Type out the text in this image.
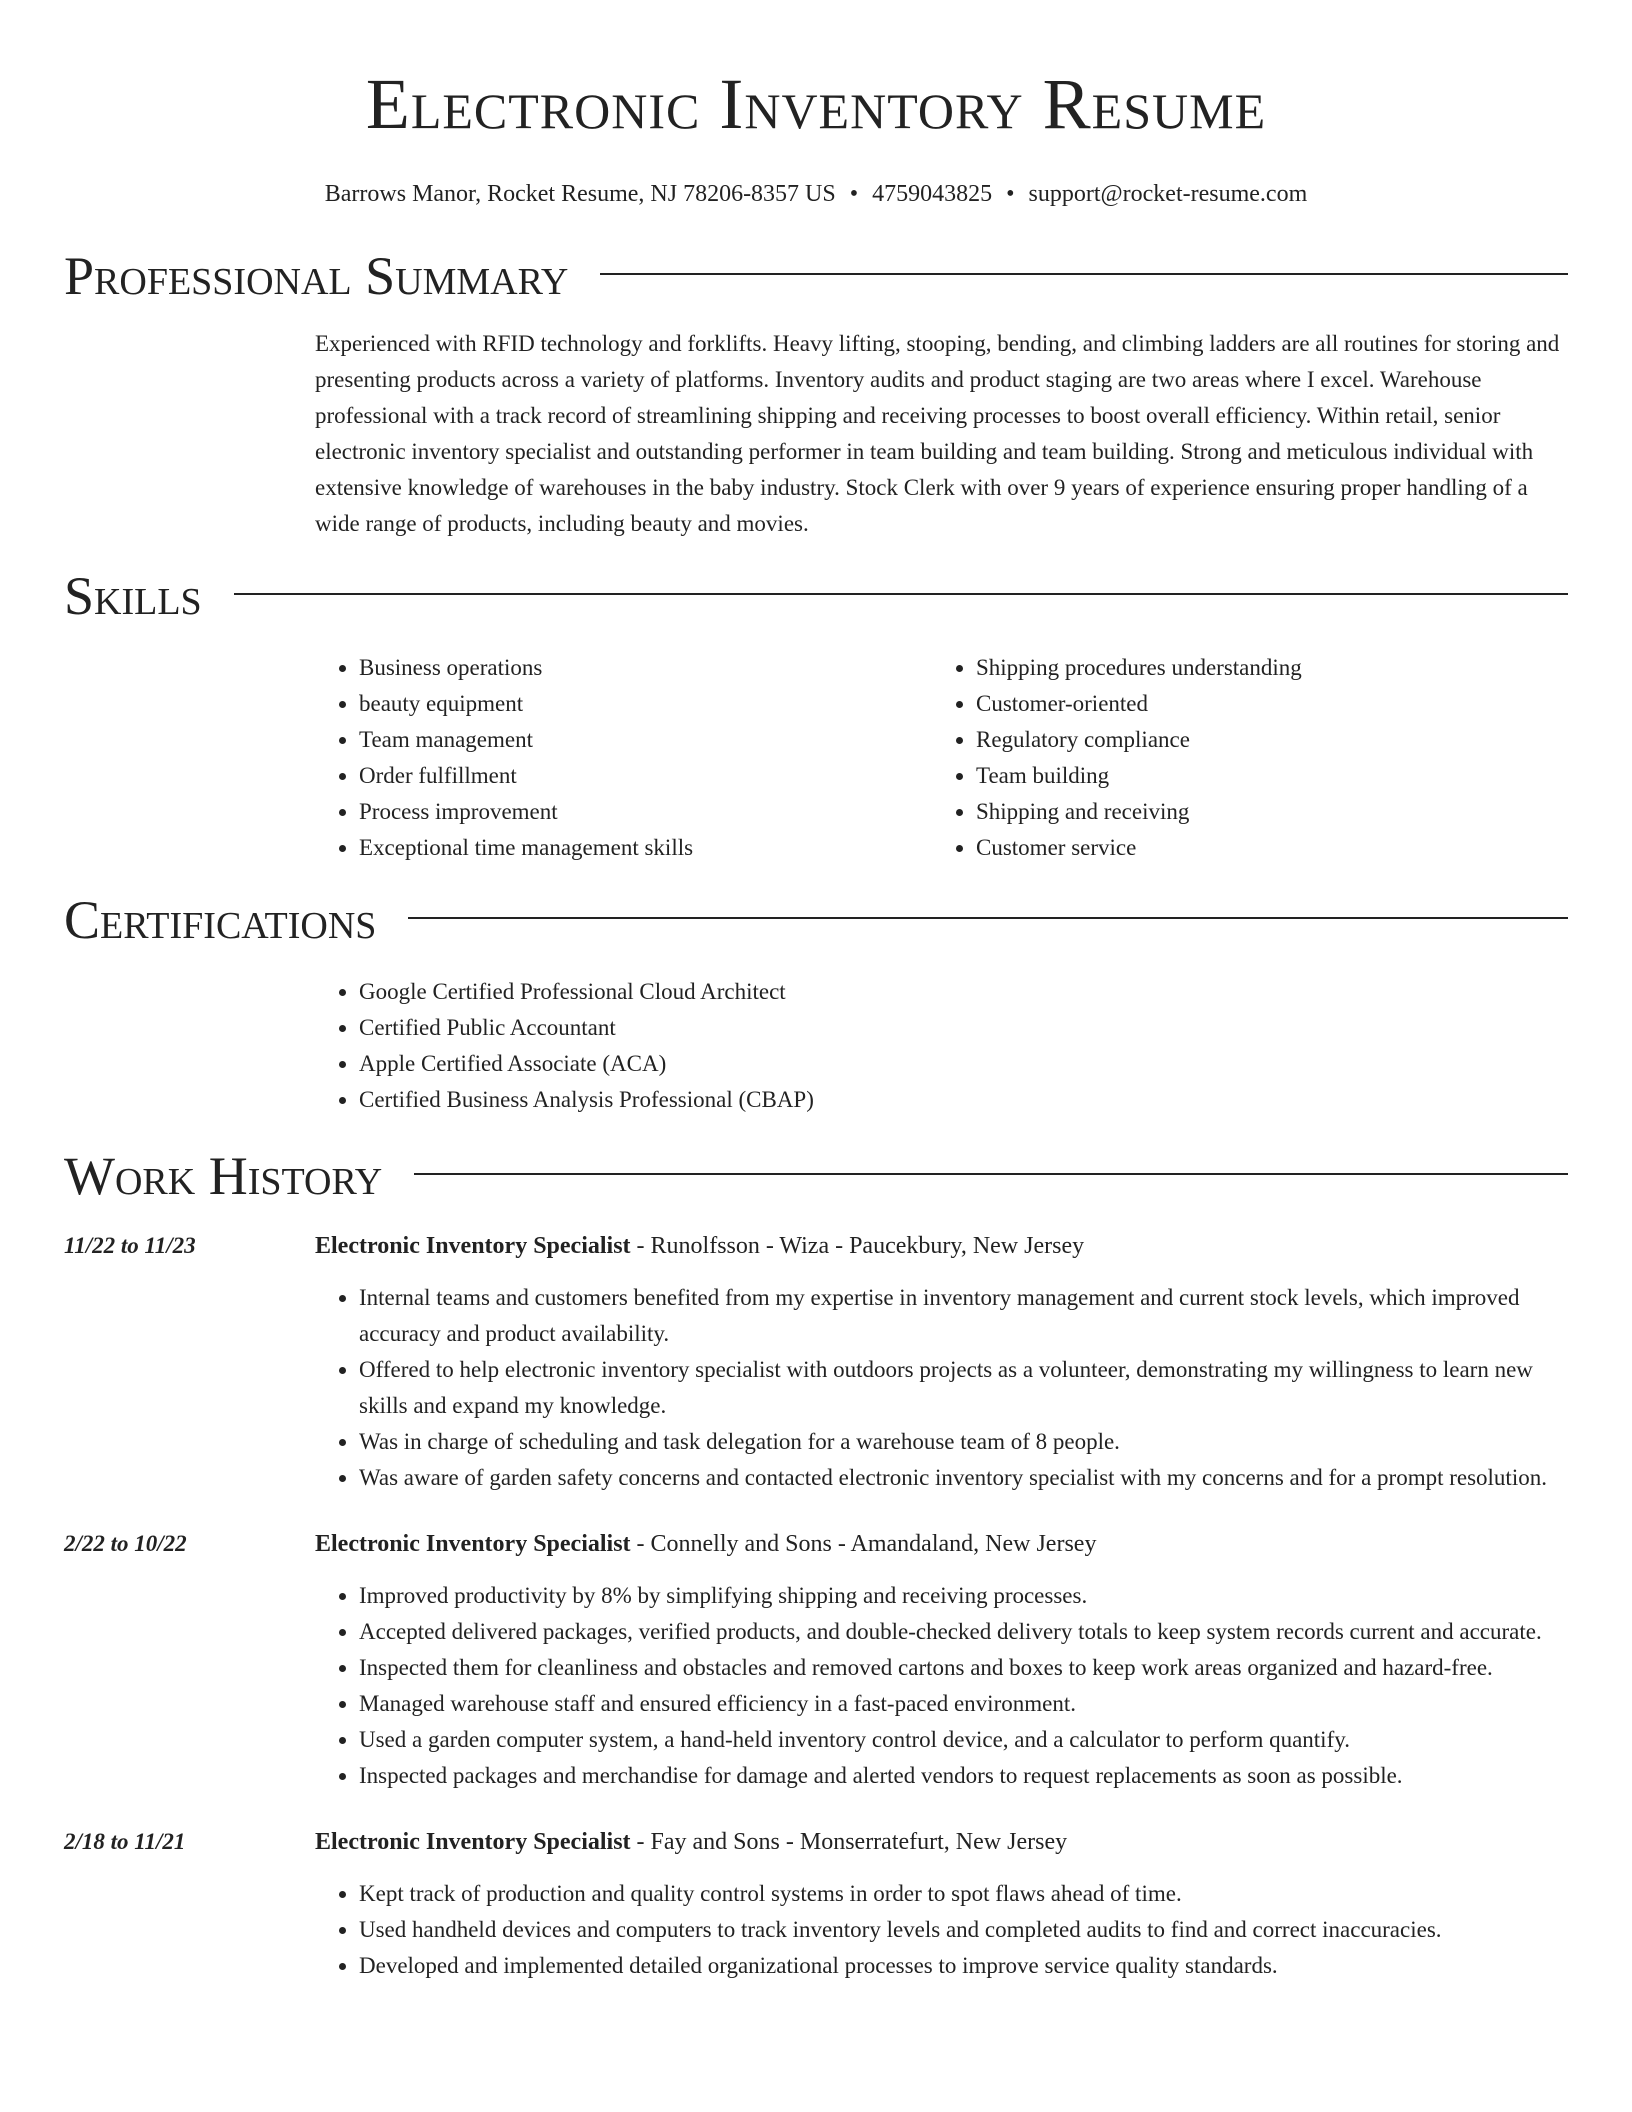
Electronic Inventory Resume
Barrows Manor, Rocket Resume, NJ 78206-8357 US • 4759043825 • support@rocket-resume.com
Professional Summary

Experienced with RFID technology and forklifts. Heavy lifting, stooping, bending, and climbing ladders are all routines for storing and presenting products across a variety of platforms. Inventory audits and product staging are two areas where I excel. Warehouse professional with a track record of streamlining shipping and receiving processes to boost overall efficiency. Within retail, senior electronic inventory specialist and outstanding performer in team building and team building. Strong and meticulous individual with extensive knowledge of warehouses in the baby industry. Stock Clerk with over 9 years of experience ensuring proper handling of a wide range of products, including beauty and movies.

Skills
• Business operations
• beauty equipment
• Team management
• Order fulfillment
• Process improvement
• Exceptional time management skills
• Shipping procedures understanding
• Customer-oriented
• Regulatory compliance
• Team building
• Shipping and receiving
• Customer service
Certifications
• Google Certified Professional Cloud Architect
• Certified Public Accountant
• Apple Certified Associate (ACA)
• Certified Business Analysis Professional (CBAP)
Work History
11/22 to 11/23	Electronic Inventory Specialist - Runolfsson - Wiza - Paucekbury, New Jersey
• Internal teams and customers benefited from my expertise in inventory management and current stock levels, which improved accuracy and product availability.
• Offered to help electronic inventory specialist with outdoors projects as a volunteer, demonstrating my willingness to learn new skills and expand my knowledge.
• Was in charge of scheduling and task delegation for a warehouse team of 8 people.
• Was aware of garden safety concerns and contacted electronic inventory specialist with my concerns and for a prompt resolution.
2/22 to 10/22	Electronic Inventory Specialist - Connelly and Sons - Amandaland, New Jersey
• Improved productivity by 8% by simplifying shipping and receiving processes.
• Accepted delivered packages, verified products, and double-checked delivery totals to keep system records current and accurate.
• Inspected them for cleanliness and obstacles and removed cartons and boxes to keep work areas organized and hazard-free.
• Managed warehouse staff and ensured efficiency in a fast-paced environment.
• Used a garden computer system, a hand-held inventory control device, and a calculator to perform quantify.
• Inspected packages and merchandise for damage and alerted vendors to request replacements as soon as possible.
2/18 to 11/21	Electronic Inventory Specialist - Fay and Sons - Monserratefurt, New Jersey
• Kept track of production and quality control systems in order to spot flaws ahead of time.
• Used handheld devices and computers to track inventory levels and completed audits to find and correct inaccuracies.
• Developed and implemented detailed organizational processes to improve service quality standards.
